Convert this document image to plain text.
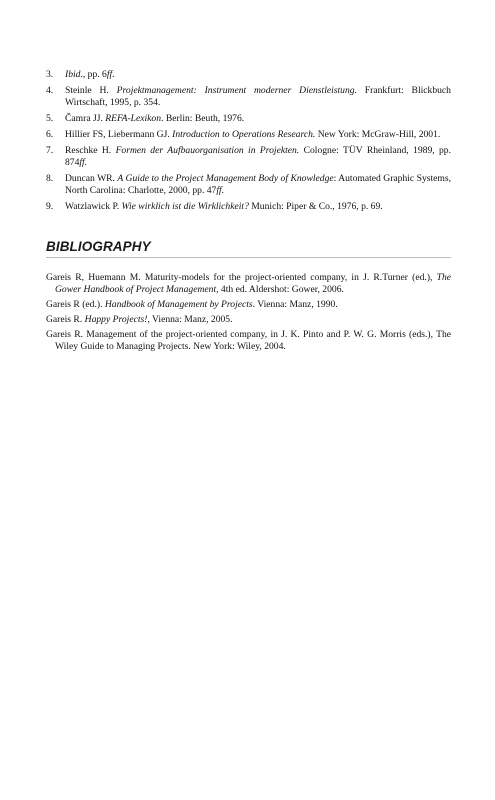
3. Ibid., pp. 6ff.
4. Steinle H. Projektmanagement: Instrument moderner Dienstleistung. Frankfurt: Blickbuch Wirtschaft, 1995, p. 354.
5. Čamra JJ. REFA-Lexikon. Berlin: Beuth, 1976.
6. Hillier FS, Liebermann GJ. Introduction to Operations Research. New York: McGraw-Hill, 2001.
7. Reschke H. Formen der Aufbauorganisation in Projekten. Cologne: TÜV Rheinland, 1989, pp. 874ff.
8. Duncan WR. A Guide to the Project Management Body of Knowledge: Automated Graphic Systems, North Carolina: Charlotte, 2000, pp. 47ff.
9. Watzlawick P. Wie wirklich ist die Wirklichkeit? Munich: Piper & Co., 1976, p. 69.
BIBLIOGRAPHY
Gareis R, Huemann M. Maturity-models for the project-oriented company, in J. R.Turner (ed.), The Gower Handbook of Project Management, 4th ed. Aldershot: Gower, 2006.
Gareis R (ed.). Handbook of Management by Projects. Vienna: Manz, 1990.
Gareis R. Happy Projects!, Vienna: Manz, 2005.
Gareis R. Management of the project-oriented company, in J. K. Pinto and P. W. G. Morris (eds.), The Wiley Guide to Managing Projects. New York: Wiley, 2004.
